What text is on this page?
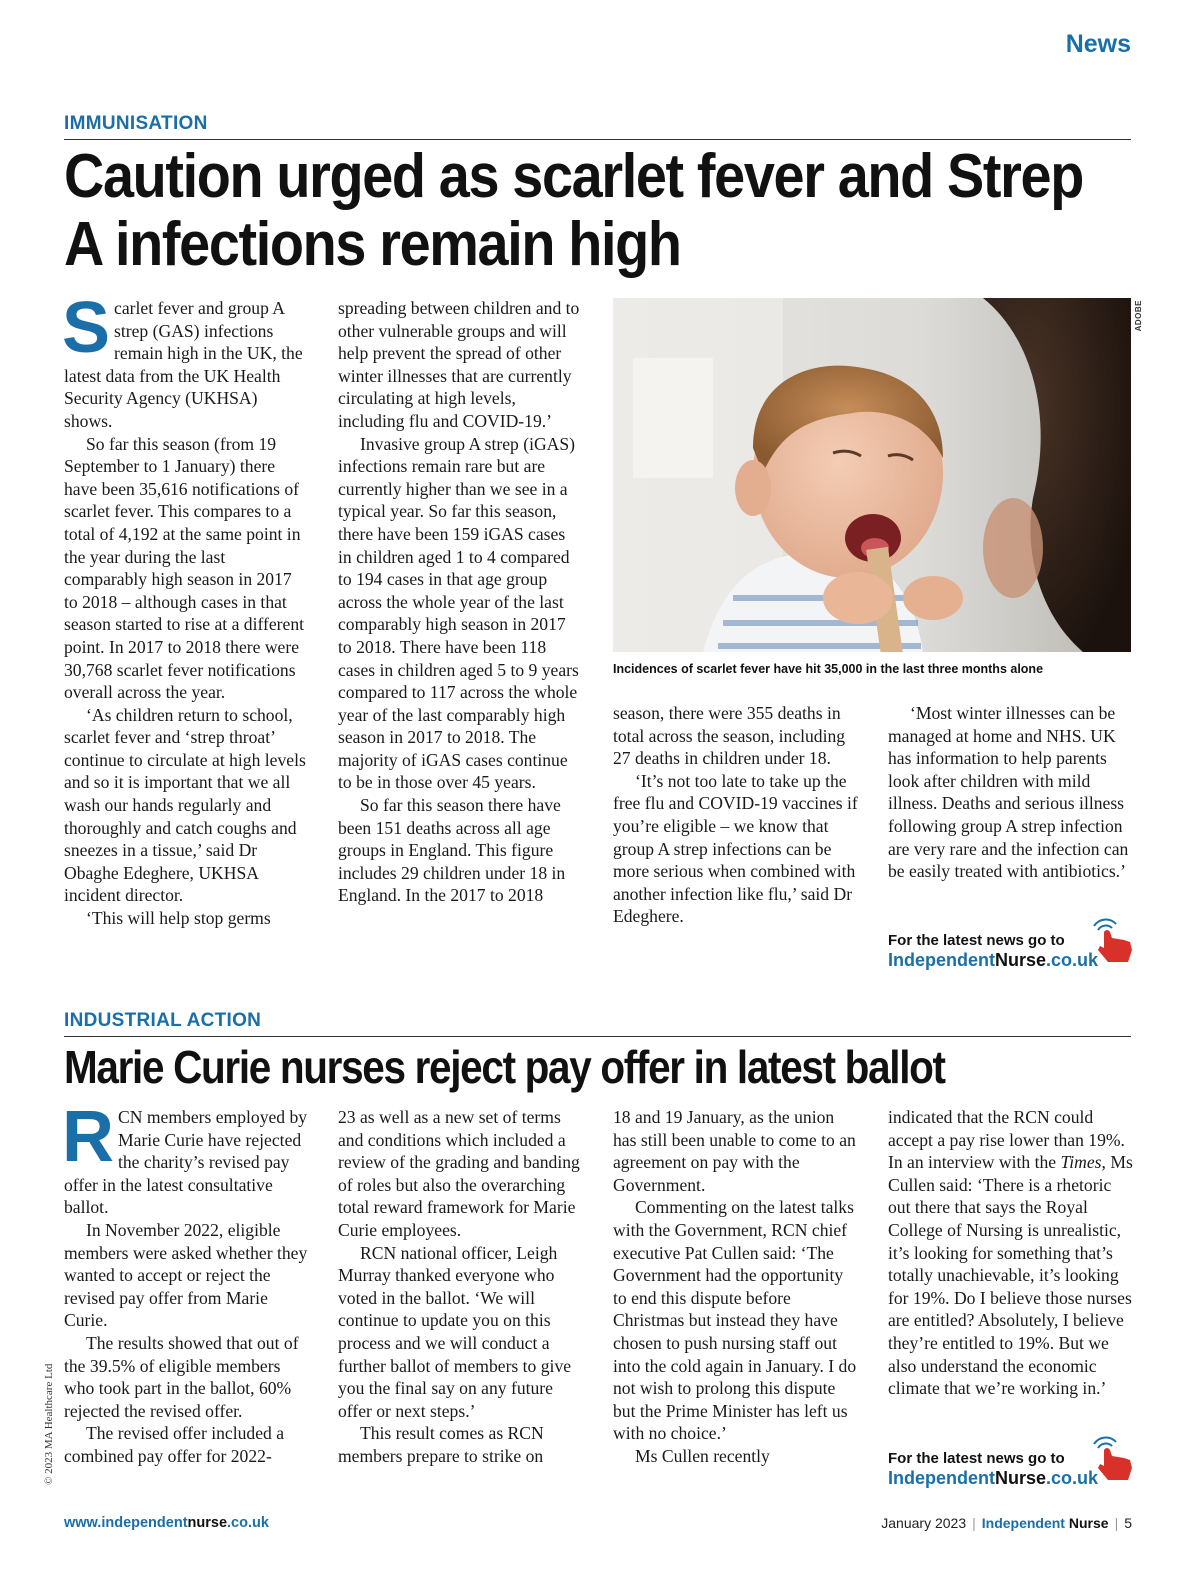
News
IMMUNISATION
Caution urged as scarlet fever and Strep
A infections remain high

Scarlet fever and group A strep (GAS) infections remain high in the UK, the latest data from the UK Health Security Agency (UKHSA) shows.

So far this season (from 19 September to 1 January) there have been 35,616 notifications of scarlet fever. This compares to a total of 4,192 at the same point in the year during the last comparably high season in 2017 to 2018 – although cases in that season started to rise at a different point. In 2017 to 2018 there were 30,768 scarlet fever notifications overall across the year.

‘As children return to school, scarlet fever and ‘strep throat’ continue to circulate at high levels and so it is important that we all wash our hands regularly and thoroughly and catch coughs and sneezes in a tissue,’ said Dr Obaghe Edeghere, UKHSA incident director.

‘This will help stop germs

spreading between children and to other vulnerable groups and will help prevent the spread of other winter illnesses that are currently circulating at high levels, including flu and COVID-19.’

Invasive group A strep (iGAS) infections remain rare but are currently higher than we see in a typical year. So far this season, there have been 159 iGAS cases in children aged 1 to 4 compared to 194 cases in that age group across the whole year of the last comparably high season in 2017 to 2018. There have been 118 cases in children aged 5 to 9 years compared to 117 across the whole year of the last comparably high season in 2017 to 2018. The majority of iGAS cases continue to be in those over 45 years.

So far this season there have been 151 deaths across all age groups in England. This figure includes 29 children under 18 in England. In the 2017 to 2018

ADOBE
Incidences of scarlet fever have hit 35,000 in the last three months alone

season, there were 355 deaths in total across the season, including 27 deaths in children under 18.

‘It’s not too late to take up the free flu and COVID-19 vaccines if you’re eligible – we know that group A strep infections can be more serious when combined with another infection like flu,’ said Dr Edeghere.

‘Most winter illnesses can be managed at home and NHS. UK has information to help parents look after children with mild illness. Deaths and serious illness following group A strep infection are very rare and the infection can be easily treated with antibiotics.’

For the latest news go to
IndependentNurse.co.uk
INDUSTRIAL ACTION
Marie Curie nurses reject pay offer in latest ballot

RCN members employed by Marie Curie have rejected the charity’s revised pay offer in the latest consultative ballot.

In November 2022, eligible members were asked whether they wanted to accept or reject the revised pay offer from Marie Curie.

The results showed that out of the 39.5% of eligible members who took part in the ballot, 60% rejected the revised offer.

The revised offer included a combined pay offer for 2022-

23 as well as a new set of terms and conditions which included a review of the grading and banding of roles but also the overarching total reward framework for Marie Curie employees.

RCN national officer, Leigh Murray thanked everyone who voted in the ballot. ‘We will continue to update you on this process and we will conduct a further ballot of members to give you the final say on any future offer or next steps.’

This result comes as RCN members prepare to strike on

18 and 19 January, as the union has still been unable to come to an agreement on pay with the Government.

Commenting on the latest talks with the Government, RCN chief executive Pat Cullen said: ‘The Government had the opportunity to end this dispute before Christmas but instead they have chosen to push nursing staff out into the cold again in January. I do not wish to prolong this dispute but the Prime Minister has left us with no choice.’

Ms Cullen recently

indicated that the RCN could accept a pay rise lower than 19%. In an interview with the Times, Ms Cullen said: ‘There is a rhetoric out there that says the Royal College of Nursing is unrealistic, it’s looking for something that’s totally unachievable, it’s looking for 19%. Do I believe those nurses are entitled? Absolutely, I believe they’re entitled to 19%. But we also understand the economic climate that we’re working in.’

For the latest news go to
IndependentNurse.co.uk
© 2023 MA Healthcare Ltd
www.independentnurse.co.uk	January 2023 | Independent Nurse | 5
